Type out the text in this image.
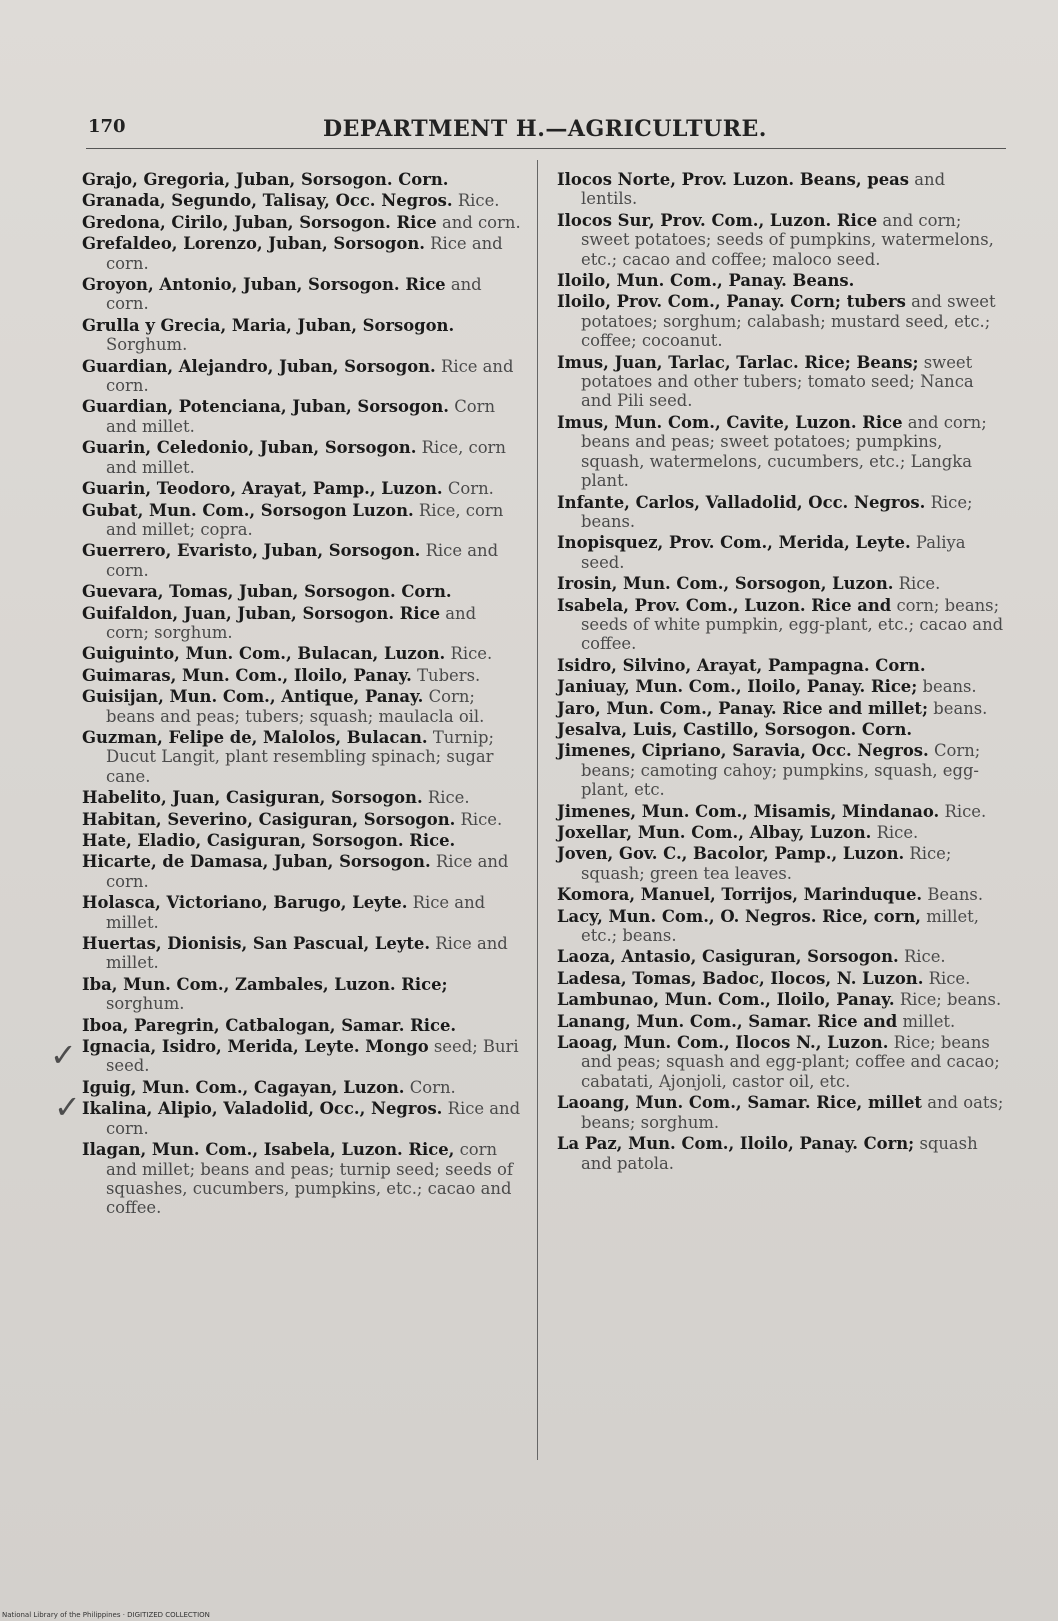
170	DEPARTMENT H.—AGRICULTURE.
Grajo, Gregoria, Juban, Sorsogon. Corn.
Granada, Segundo, Talisay, Occ. Negros. Rice.
Gredona, Cirilo, Juban, Sorsogon. Rice and corn.
Grefaldeo, Lorenzo, Juban, Sorsogon. Rice and corn.
Groyon, Antonio, Juban, Sorsogon. Rice and corn.
Grulla y Grecia, Maria, Juban, Sorsogon. Sorghum.
Guardian, Alejandro, Juban, Sorsogon. Rice and corn.
Guardian, Potenciana, Juban, Sorsogon. Corn and millet.
Guarin, Celedonio, Juban, Sorsogon. Rice, corn and millet.
Guarin, Teodoro, Arayat, Pamp., Luzon. Corn.
Gubat, Mun. Com., Sorsogon Luzon. Rice, corn and millet; copra.
Guerrero, Evaristo, Juban, Sorsogon. Rice and corn.
Guevara, Tomas, Juban, Sorsogon. Corn.
Guifaldon, Juan, Juban, Sorsogon. Rice and corn; sorghum.
Guiguinto, Mun. Com., Bulacan, Luzon. Rice.
Guimaras, Mun. Com., Iloilo, Panay. Tubers.
Guisijan, Mun. Com., Antique, Panay. Corn; beans and peas; tubers; squash; maulacla oil.
Guzman, Felipe de, Malolos, Bulacan. Turnip; Ducut Langit, plant resembling spinach; sugar cane.
Habelito, Juan, Casiguran, Sorsogon. Rice.
Habitan, Severino, Casiguran, Sorsogon. Rice.
Hate, Eladio, Casiguran, Sorsogon. Rice.
Hicarte, de Damasa, Juban, Sorsogon. Rice and corn.
Holasca, Victoriano, Barugo, Leyte. Rice and millet.
Huertas, Dionisis, San Pascual, Leyte. Rice and millet.
Iba, Mun. Com., Zambales, Luzon. Rice; sorghum.
Iboa, Paregrin, Catbalogan, Samar. Rice.
Ignacia, Isidro, Merida, Leyte. Mongo seed; Buri seed.
Iguig, Mun. Com., Cagayan, Luzon. Corn.
Ikalina, Alipio, Valadolid, Occ., Negros. Rice and corn.
Ilagan, Mun. Com., Isabela, Luzon. Rice, corn and millet; beans and peas; turnip seed; seeds of squashes, cucumbers, pumpkins, etc.; cacao and coffee.
Ilocos Norte, Prov. Luzon. Beans, peas and lentils.
Ilocos Sur, Prov. Com., Luzon. Rice and corn; sweet potatoes; seeds of pumpkins, watermelons, etc.; cacao and coffee; maloco seed.
Iloilo, Mun. Com., Panay. Beans.
Iloilo, Prov. Com., Panay. Corn; tubers and sweet potatoes; sorghum; calabash; mustard seed, etc.; coffee; cocoanut.
Imus, Juan, Tarlac, Tarlac. Rice; Beans; sweet potatoes and other tubers; tomato seed; Nanca and Pili seed.
Imus, Mun. Com., Cavite, Luzon. Rice and corn; beans and peas; sweet potatoes; pumpkins, squash, watermelons, cucumbers, etc.; Langka plant.
Infante, Carlos, Valladolid, Occ. Negros. Rice; beans.
Inopisquez, Prov. Com., Merida, Leyte. Paliya seed.
Irosin, Mun. Com., Sorsogon, Luzon. Rice.
Isabela, Prov. Com., Luzon. Rice and corn; beans; seeds of white pumpkin, egg-plant, etc.; cacao and coffee.
Isidro, Silvino, Arayat, Pampagna. Corn.
Janiuay, Mun. Com., Iloilo, Panay. Rice; beans.
Jaro, Mun. Com., Panay. Rice and millet; beans.
Jesalva, Luis, Castillo, Sorsogon. Corn.
Jimenes, Cipriano, Saravia, Occ. Negros. Corn; beans; camoting cahoy; pumpkins, squash, egg-plant, etc.
Jimenes, Mun. Com., Misamis, Mindanao. Rice.
Joxellar, Mun. Com., Albay, Luzon. Rice.
Joven, Gov. C., Bacolor, Pamp., Luzon. Rice; squash; green tea leaves.
Komora, Manuel, Torrijos, Marinduque. Beans.
Lacy, Mun. Com., O. Negros. Rice, corn, millet, etc.; beans.
Laoza, Antasio, Casiguran, Sorsogon. Rice.
Ladesa, Tomas, Badoc, Ilocos, N. Luzon. Rice.
Lambunao, Mun. Com., Iloilo, Panay. Rice; beans.
Lanang, Mun. Com., Samar. Rice and millet.
Laoag, Mun. Com., Ilocos N., Luzon. Rice; beans and peas; squash and egg-plant; coffee and cacao; cabatati, Ajonjoli, castor oil, etc.
Laoang, Mun. Com., Samar. Rice, millet and oats; beans; sorghum.
La Paz, Mun. Com., Iloilo, Panay. Corn; squash and patola.
✓
✓
National Library of the Philippines · DIGITIZED COLLECTION
